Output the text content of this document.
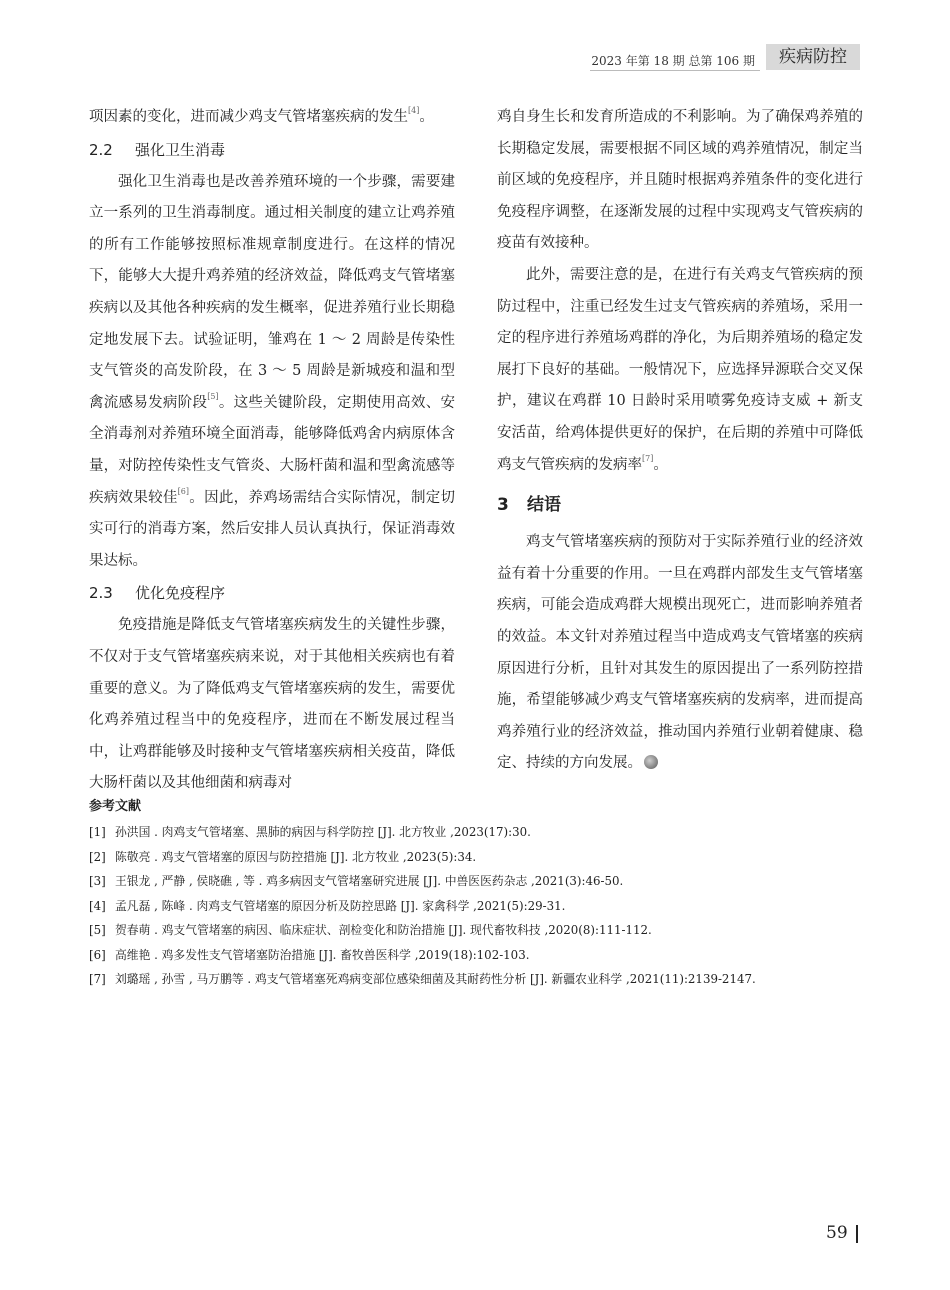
2023 年第 18 期 总第 106 期	疾病防控

项因素的变化，进而减少鸡支气管堵塞疾病的发生[4]。

2.2 强化卫生消毒

强化卫生消毒也是改善养殖环境的一个步骤，需要建立一系列的卫生消毒制度。通过相关制度的建立让鸡养殖的所有工作能够按照标准规章制度进行。在这样的情况下，能够大大提升鸡养殖的经济效益，降低鸡支气管堵塞疾病以及其他各种疾病的发生概率，促进养殖行业长期稳定地发展下去。试验证明，雏鸡在 1 ～ 2 周龄是传染性支气管炎的高发阶段，在 3 ～ 5 周龄是新城疫和温和型禽流感易发病阶段[5]。这些关键阶段，定期使用高效、安全消毒剂对养殖环境全面消毒，能够降低鸡舍内病原体含量，对防控传染性支气管炎、大肠杆菌和温和型禽流感等疾病效果较佳[6]。因此，养鸡场需结合实际情况，制定切实可行的消毒方案，然后安排人员认真执行，保证消毒效果达标。

2.3 优化免疫程序

免疫措施是降低支气管堵塞疾病发生的关键性步骤，不仅对于支气管堵塞疾病来说，对于其他相关疾病也有着重要的意义。为了降低鸡支气管堵塞疾病的发生，需要优化鸡养殖过程当中的免疫程序，进而在不断发展过程当中，让鸡群能够及时接种支气管堵塞疾病相关疫苗，降低大肠杆菌以及其他细菌和病毒对

鸡自身生长和发育所造成的不利影响。为了确保鸡养殖的长期稳定发展，需要根据不同区域的鸡养殖情况，制定当前区域的免疫程序，并且随时根据鸡养殖条件的变化进行免疫程序调整，在逐渐发展的过程中实现鸡支气管疾病的疫苗有效接种。

此外，需要注意的是，在进行有关鸡支气管疾病的预防过程中，注重已经发生过支气管疾病的养殖场，采用一定的程序进行养殖场鸡群的净化，为后期养殖场的稳定发展打下良好的基础。一般情况下，应选择异源联合交叉保护，建议在鸡群 10 日龄时采用喷雾免疫诗支威 + 新支安活苗，给鸡体提供更好的保护，在后期的养殖中可降低鸡支气管疾病的发病率[7]。

3 结语

鸡支气管堵塞疾病的预防对于实际养殖行业的经济效益有着十分重要的作用。一旦在鸡群内部发生支气管堵塞疾病，可能会造成鸡群大规模出现死亡，进而影响养殖者的效益。本文针对养殖过程当中造成鸡支气管堵塞的疾病原因进行分析，且针对其发生的原因提出了一系列防控措施，希望能够减少鸡支气管堵塞疾病的发病率，进而提高鸡养殖行业的经济效益，推动国内养殖行业朝着健康、稳定、持续的方向发展。

参考文献

[1] 孙洪国 . 肉鸡支气管堵塞、黑肺的病因与科学防控 [J]. 北方牧业 ,2023(17):30.

[2] 陈敬亮 . 鸡支气管堵塞的原因与防控措施 [J]. 北方牧业 ,2023(5):34.

[3] 王银龙 , 严静 , 侯晓礁 , 等 . 鸡多病因支气管堵塞研究进展 [J]. 中兽医医药杂志 ,2021(3):46-50.

[4] 孟凡磊 , 陈峰 . 肉鸡支气管堵塞的原因分析及防控思路 [J]. 家禽科学 ,2021(5):29-31.

[5] 贺春萌 . 鸡支气管堵塞的病因、临床症状、剖检变化和防治措施 [J]. 现代畜牧科技 ,2020(8):111-112.

[6] 高维艳 . 鸡多发性支气管堵塞防治措施 [J]. 畜牧兽医科学 ,2019(18):102-103.

[7] 刘璐瑶 , 孙雪 , 马万鹏等 . 鸡支气管堵塞死鸡病变部位感染细菌及其耐药性分析 [J]. 新疆农业科学 ,2021(11):2139-2147.

59
